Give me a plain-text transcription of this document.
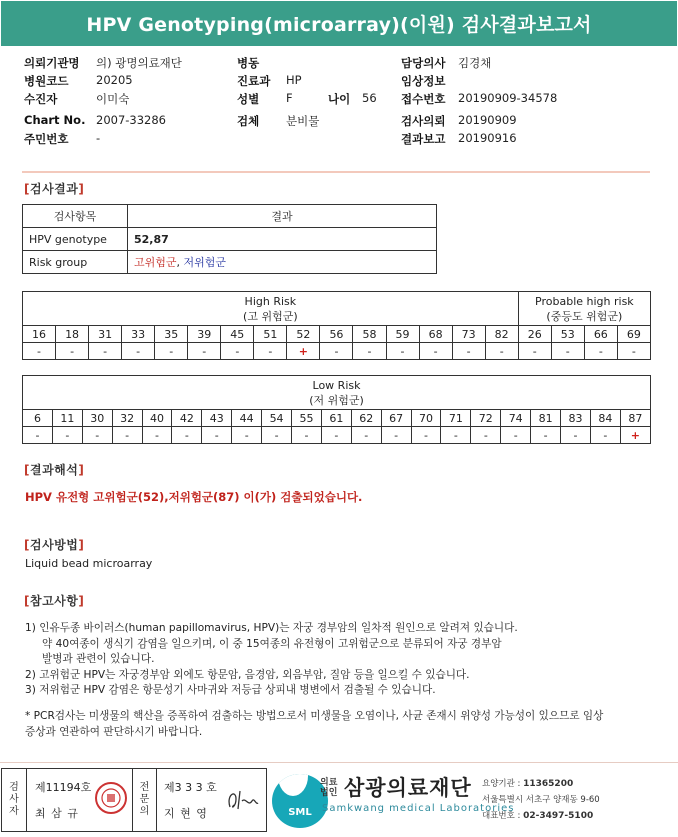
HPV Genotyping(microarray)(이원) 검사결과보고서
의뢰기관명 의) 광명의료재단	병동	담당의사 김경채
병원코드 20205	진료과 HP	임상정보
수진자	이미숙	성별 F	나이 56 접수번호 20190909-34578
Chart No. 2007-33286	검체 분비물	검사의뢰 20190909
주민번호 -	결과보고 20190916
[검사결과]
검사항목	결과
HPV genotype	52,87
Risk group	고위험군, 저위험군
High Risk
(고 위험군)															Probable high risk
(중등도 위험군)			
16	18	31	33	35	39	45	51	52	56	58	59	68	73	82	26	53	66	69
-	-	-	-	-	-	-	-	+	-	-	-	-	-	-	-	-	-	-
Low Risk
(저 위험군)																				
6	11	30	32	40	42	43	44	54	55	61	62	67	70	71	72	74	81	83	84	87
-	-	-	-	-	-	-	-	-	-	-	-	-	-	-	-	-	-	-	-	+
[결과해석]
HPV 유전형 고위험군(52),저위험군(87) 이(가) 검출되었습니다.
[검사방법]
Liquid bead microarray
[참고사항]
1) 인유두종 바이러스(human papillomavirus, HPV)는 자궁 경부암의 일차적 원인으로 알려져 있습니다.
약 40여종이 생식기 감염을 일으키며, 이 중 15여종의 유전형이 고위험군으로 분류되어 자궁 경부암
발병과 관련이 있습니다.
2) 고위험군 HPV는 자궁경부암 외에도 항문암, 음경암, 외음부암, 질암 등을 일으킬 수 있습니다.
3) 저위험군 HPV 감염은 항문성기 사마귀와 저등급 상피내 병변에서 검출될 수 있습니다.
* PCR검사는 미생물의 핵산을 증폭하여 검출하는 방법으로서 미생물을 오염이나, 사균 존재시 위양성 가능성이 있으므로 임상
증상과 연관하여 판단하시기 바랍니다.
검
사
자
제11194호
최 삼 규
전
문
의
제3 3 3 호
지 현 영	SML
의료
법인 삼광의료재단
Samkwang medical Laboratories
요양기관 : 11365200
서울특별시 서초구 양재동 9-60
대표번호 : 02-3497-5100
